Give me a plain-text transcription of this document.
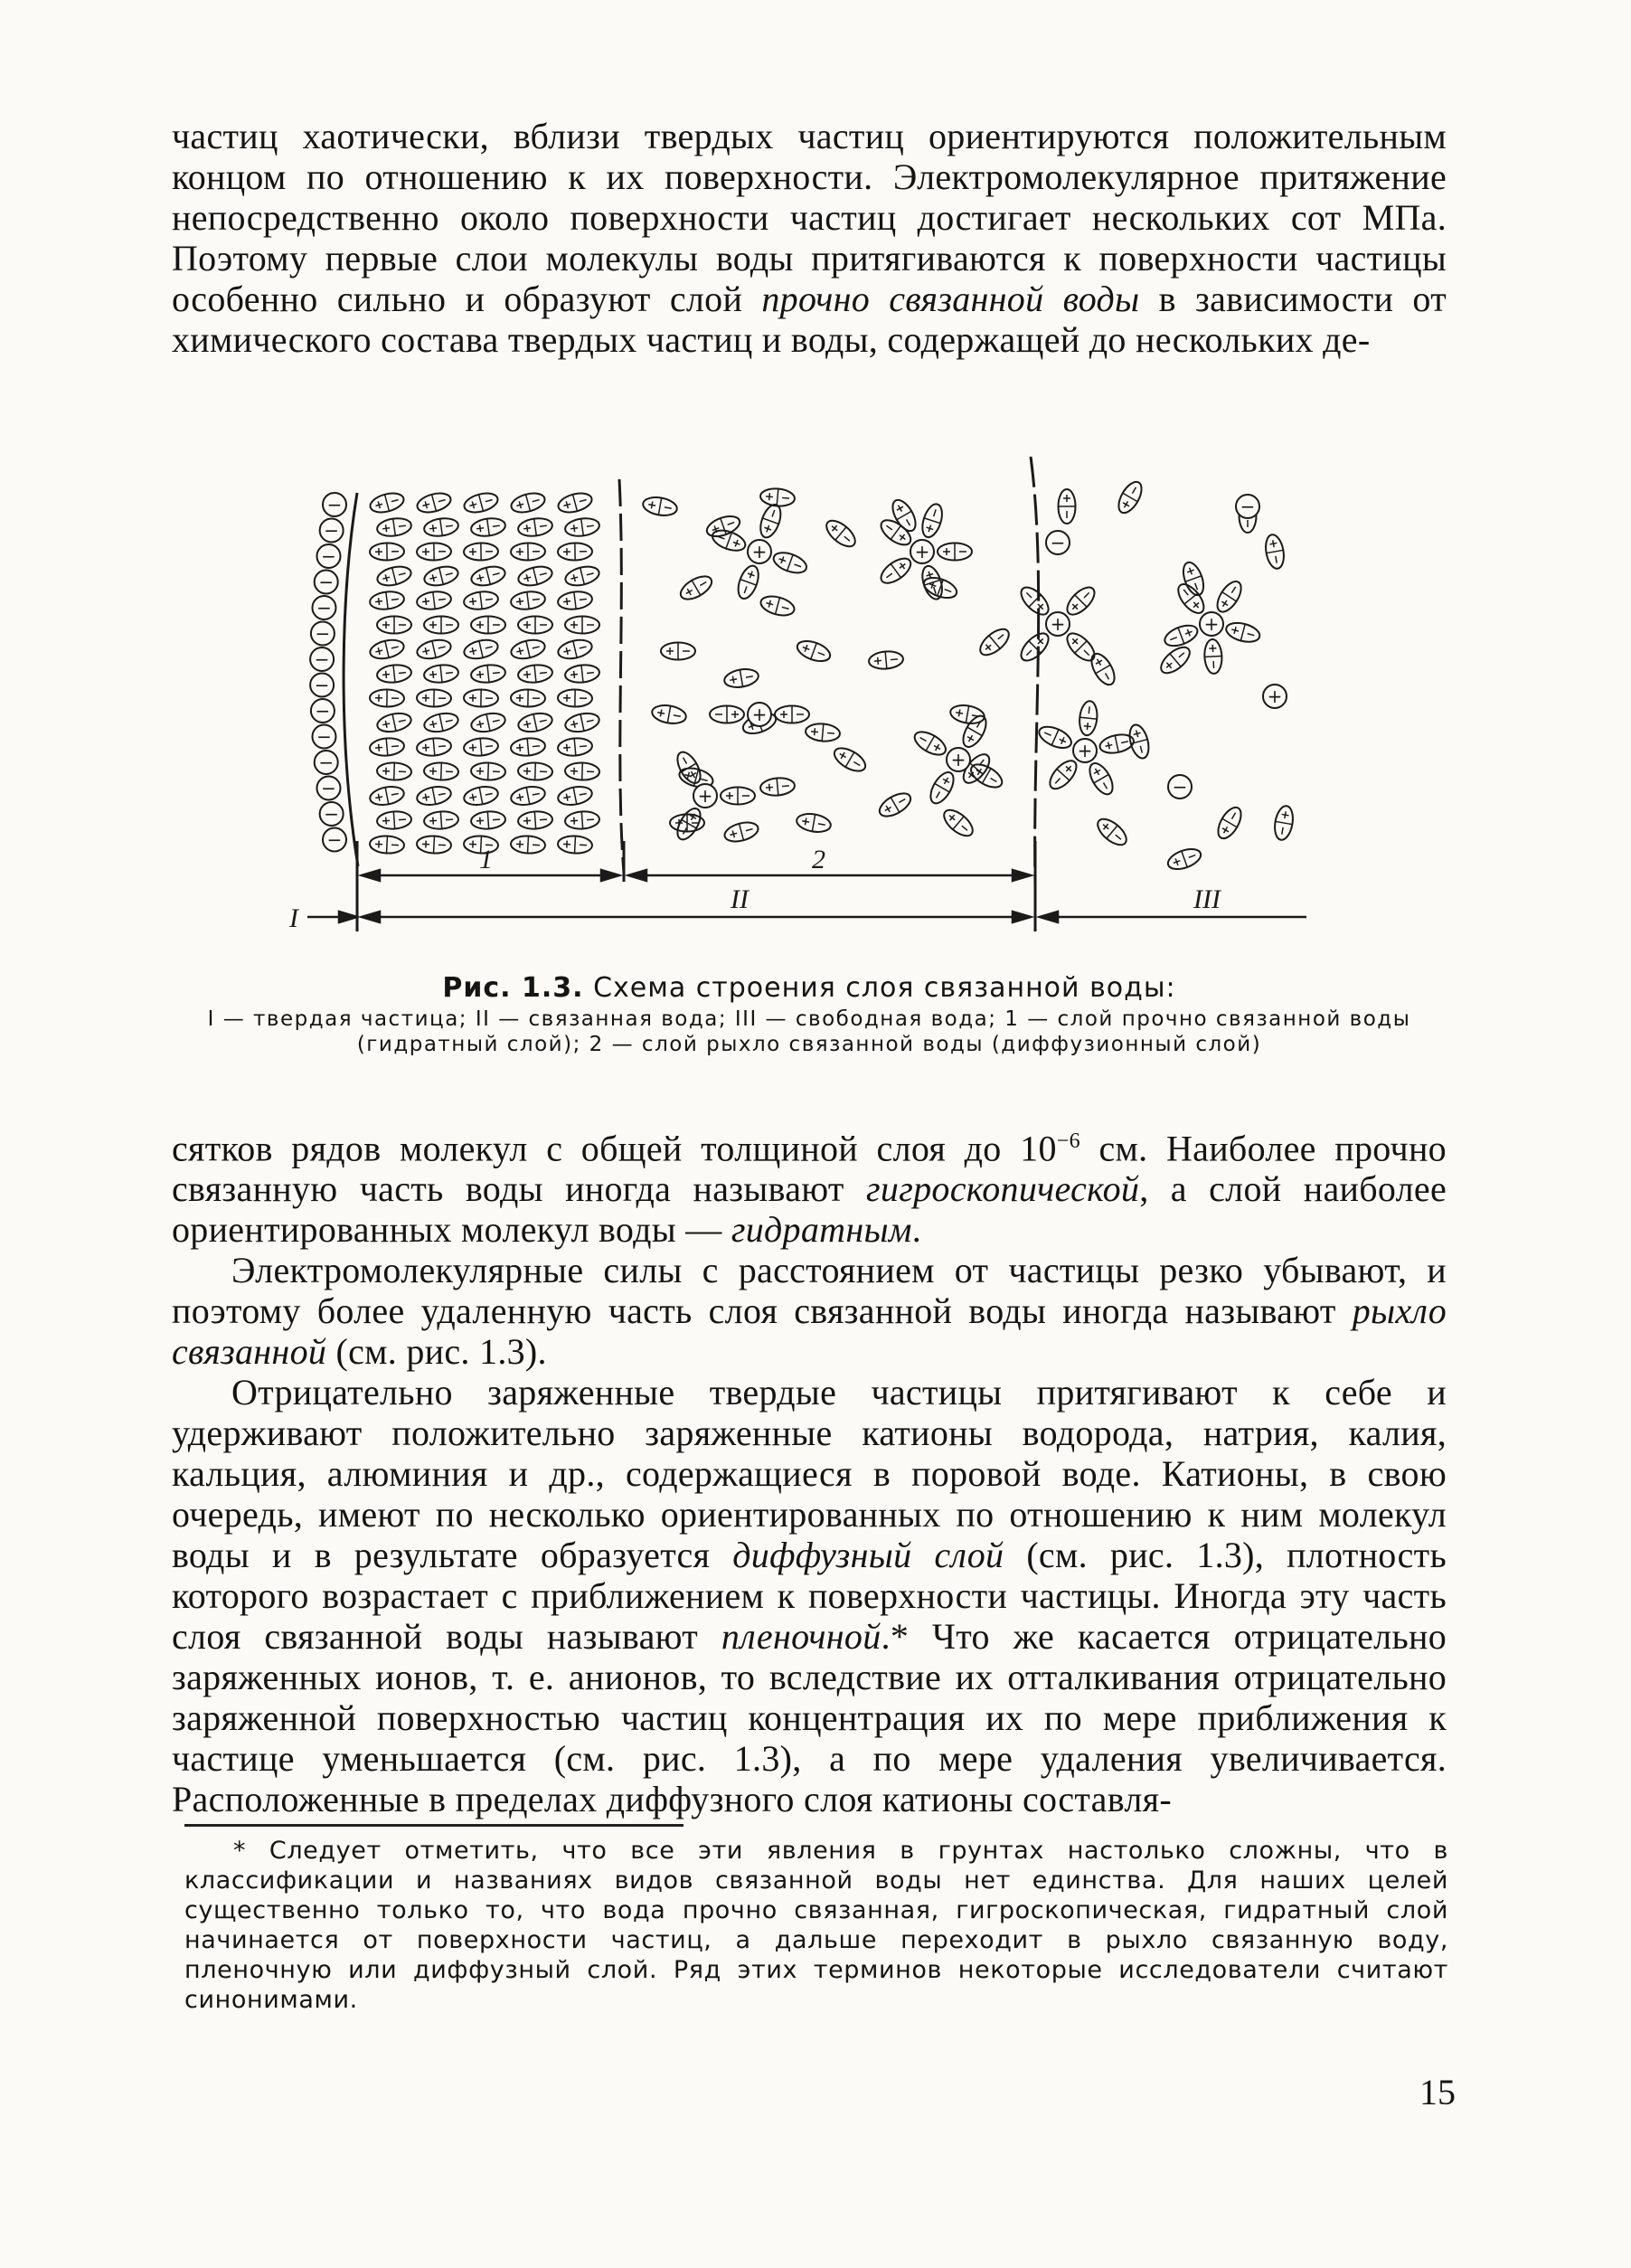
частиц хаотически, вблизи твердых частиц ориентируются положительным концом по отношению к их поверхности. Электромолекулярное притяжение непосредственно около поверхности частиц достигает нескольких сот МПа. Поэтому первые слои молекулы воды притягиваются к поверхности частицы особенно сильно и образуют слой прочно связанной воды в зависимости от химического состава твердых частиц и воды, содержащей до нескольких де-

−
−
−
−
−
−
−
−
−
−
−
−
−
−
+	+
+	+
+	+
+
+
+
−
−
−
1	2
I
II	III
Рис. 1.3. Схема строения слоя связанной воды:
I — твердая частица; II — связанная вода; III — свободная вода; 1 — слой прочно связанной воды (гидратный слой); 2 — слой рыхло связанной воды (диффузионный слой)

сятков рядов молекул с общей толщиной слоя до $10^{-6}$ см. Наиболее прочно связанную часть воды иногда называют гигроскопической, а слой наиболее ориентированных молекул воды — гидратным.

Электромолекулярные силы с расстоянием от частицы резко убывают, и поэтому более удаленную часть слоя связанной воды иногда называют рыхло связанной (см. рис. 1.3).

Отрицательно заряженные твердые частицы притягивают к себе и удерживают положительно заряженные катионы водорода, натрия, калия, кальция, алюминия и др., содержащиеся в поровой воде. Катионы, в свою очередь, имеют по несколько ориентированных по отношению к ним молекул воды и в результате образуется диффузный слой (см. рис. 1.3), плотность которого возрастает с приближением к поверхности частицы. Иногда эту часть слоя связанной воды называют пленочной.* Что же касается отрицательно заряженных ионов, т. е. анионов, то вследствие их отталкивания отрицательно заряженной поверхностью частиц концентрация их по мере приближения к частице уменьшается (см. рис. 1.3), а по мере удаления увеличивается. Расположенные в пределах диффузного слоя катионы составля-

* Следует отметить, что все эти явления в грунтах настолько сложны, что в классификации и названиях видов связанной воды нет единства. Для наших целей существенно только то, что вода прочно связанная, гигроскопическая, гидратный слой начинается от поверхности частиц, а дальше переходит в рыхло связанную воду, пленочную или диффузный слой. Ряд этих терминов некоторые исследователи считают синонимами.

15
